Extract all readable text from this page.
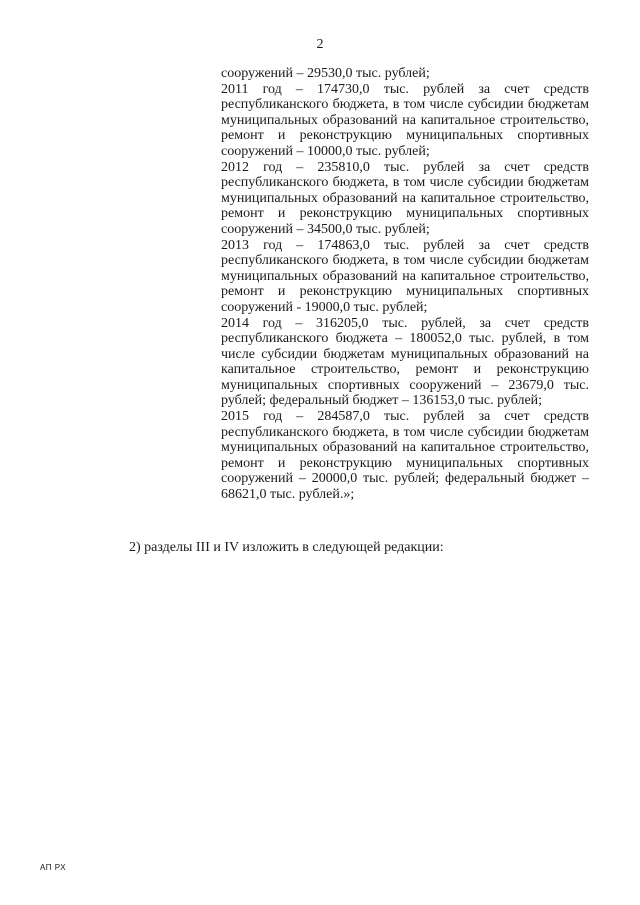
2
сооружений – 29530,0 тыс. рублей;
2011 год – 174730,0 тыс. рублей за счет средств
республиканского бюджета, в том числе субсидии бюджетам
муниципальных образований на капитальное строительство,
ремонт и реконструкцию муниципальных спортивных
сооружений – 10000,0 тыс. рублей;
2012 год – 235810,0 тыс. рублей за счет средств
республиканского бюджета, в том числе субсидии бюджетам
муниципальных образований на капитальное строительство,
ремонт и реконструкцию муниципальных спортивных
сооружений – 34500,0 тыс. рублей;
2013 год – 174863,0 тыс. рублей за счет средств
республиканского бюджета, в том числе субсидии бюджетам
муниципальных образований на капитальное строительство,
ремонт и реконструкцию муниципальных спортивных
сооружений - 19000,0 тыс. рублей;
2014 год – 316205,0 тыс. рублей, за счет средств
республиканского бюджета – 180052,0 тыс. рублей, в том
числе субсидии бюджетам муниципальных образований на
капитальное строительство, ремонт и реконструкцию
муниципальных спортивных сооружений – 23679,0 тыс.
рублей; федеральный бюджет – 136153,0 тыс. рублей;
2015 год – 284587,0 тыс. рублей за счет средств
республиканского бюджета, в том числе субсидии бюджетам
муниципальных образований на капитальное строительство,
ремонт и реконструкцию муниципальных спортивных
сооружений – 20000,0 тыс. рублей; федеральный бюджет –
68621,0 тыс. рублей.»;
2) разделы III и IV изложить в следующей редакции:
АП РХ
